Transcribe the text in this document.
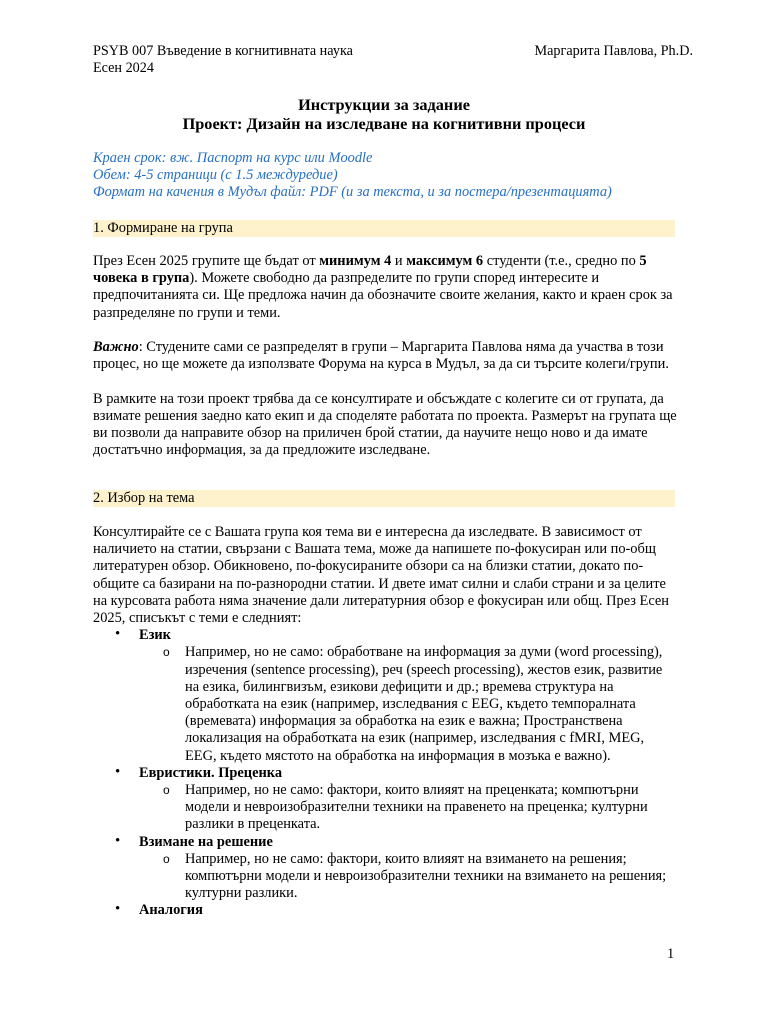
PSYB 007 Въведение в когнитивната наука	Маргарита Павлова, Ph.D.
Есен 2024
Инструкции за задание
Проект: Дизайн на изследване на когнитивни процеси
Краен срок: вж. Паспорт на курс или Moodle
Обем: 4-5 страници (с 1.5 междуредие)
Формат на качения в Мудъл файл: PDF (и за текста, и за постера/презентацията)
1. Формиране на група

През Есен 2025 групите ще бъдат от минимум 4 и максимум 6 студенти (т.е., средно по 5 човека в група). Можете свободно да разпределите по групи според интересите и предпочитанията си. Ще предложа начин да обозначите своите желания, както и краен срок за разпределяне по групи и теми.

Важно: Студените сами се разпределят в групи – Маргарита Павлова няма да участва в този процес, но ще можете да използвате Форума на курса в Мудъл, за да си търсите колеги/групи.

В рамките на този проект трябва да се консултирате и обсъждате с колегите си от групата, да взимате решения заедно като екип и да споделяте работата по проекта. Размерът на групата ще ви позволи да направите обзор на приличен брой статии, да научите нещо ново и да имате достатъчно информация, за да предложите изследване.

2. Избор на тема

Консултирайте се с Вашата група коя тема ви е интересна да изследвате. В зависимост от наличието на статии, свързани с Вашата тема, може да напишете по-фокусиран или по-общ литературен обзор. Обикновено, по-фокусираните обзори са на близки статии, докато по-общите са базирани на по-разнородни статии. И двете имат силни и слаби страни и за целите на курсовата работа няма значение дали литературния обзор е фокусиран или общ. През Есен 2025, списъкът с теми е следният:

• Език
o Например, но не само: обработване на информация за думи (word processing), изречения (sentence processing), реч (speech processing), жестов език, развитие на езика, билингвизъм, езикови дефицити и др.; времева структура на обработката на език (например, изследвания с EEG, където темпоралната (времевата) информация за обработка на език е важна; Пространствена локализация на обработката на език (например, изследвания с fMRI, MEG, EEG, където мястото на обработка на информация в мозъка е важно).
• Евристики. Преценка
o Например, но не само: фактори, които влияят на преценката; компютърни модели и невроизобразителни техники на правенето на преценка; културни разлики в преценката.
• Взимане на решение
o Например, но не само: фактори, които влияят на взимането на решения; компютърни модели и невроизобразителни техники на взимането на решения; културни разлики.
• Аналогия
1
